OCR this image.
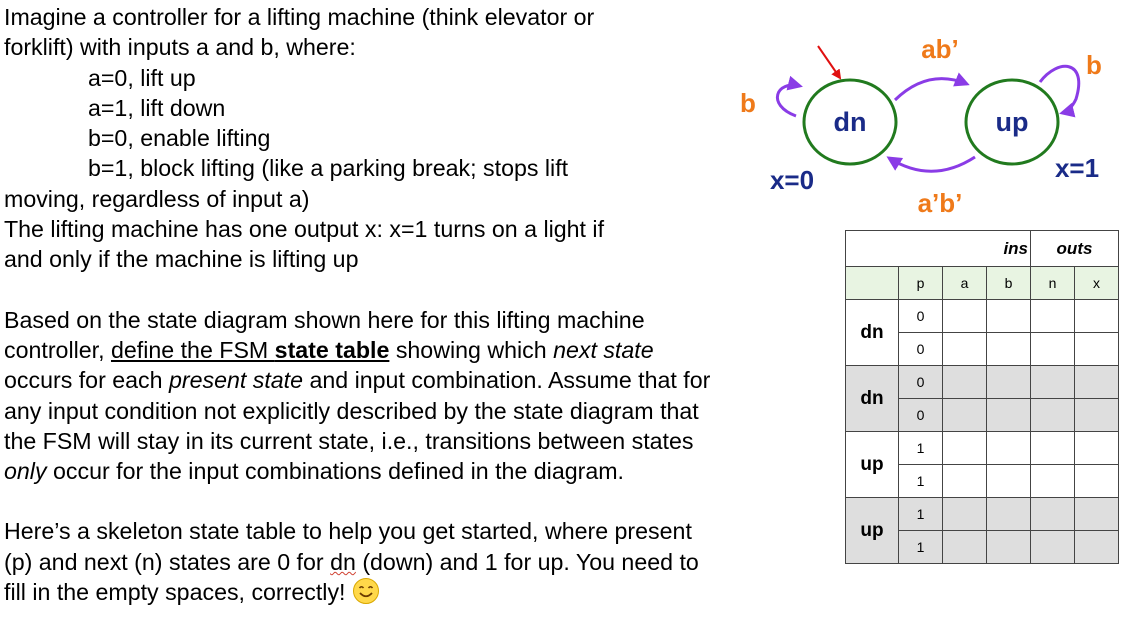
Imagine a controller for a lifting machine (think elevator or

forklift) with inputs a and b, where:

a=0, lift up

a=1, lift down

b=0, enable lifting

b=1, block lifting (like a parking break; stops lift

moving, regardless of input a)

The lifting machine has one output x: x=1 turns on a light if

and only if the machine is lifting up

Based on the state diagram shown here for this lifting machine

controller, define the FSM state table showing which next state

occurs for each present state and input combination. Assume that for

any input condition not explicitly described by the state diagram that

the FSM will stay in its current state, i.e., transitions between states

only occur for the input combinations defined in the diagram.

Here’s a skeleton state table to help you get started, where present

(p) and next (n) states are 0 for dn (down) and 1 for up. You need to

fill in the empty spaces, correctly!

dn	up
ab’
a’b’
b
b
x=0	x=1
	ins			outs	
	p	a	b	n	x
dn	0				
	0				
dn	0				
	0				
up	1				
	1				
up	1				
	1				
